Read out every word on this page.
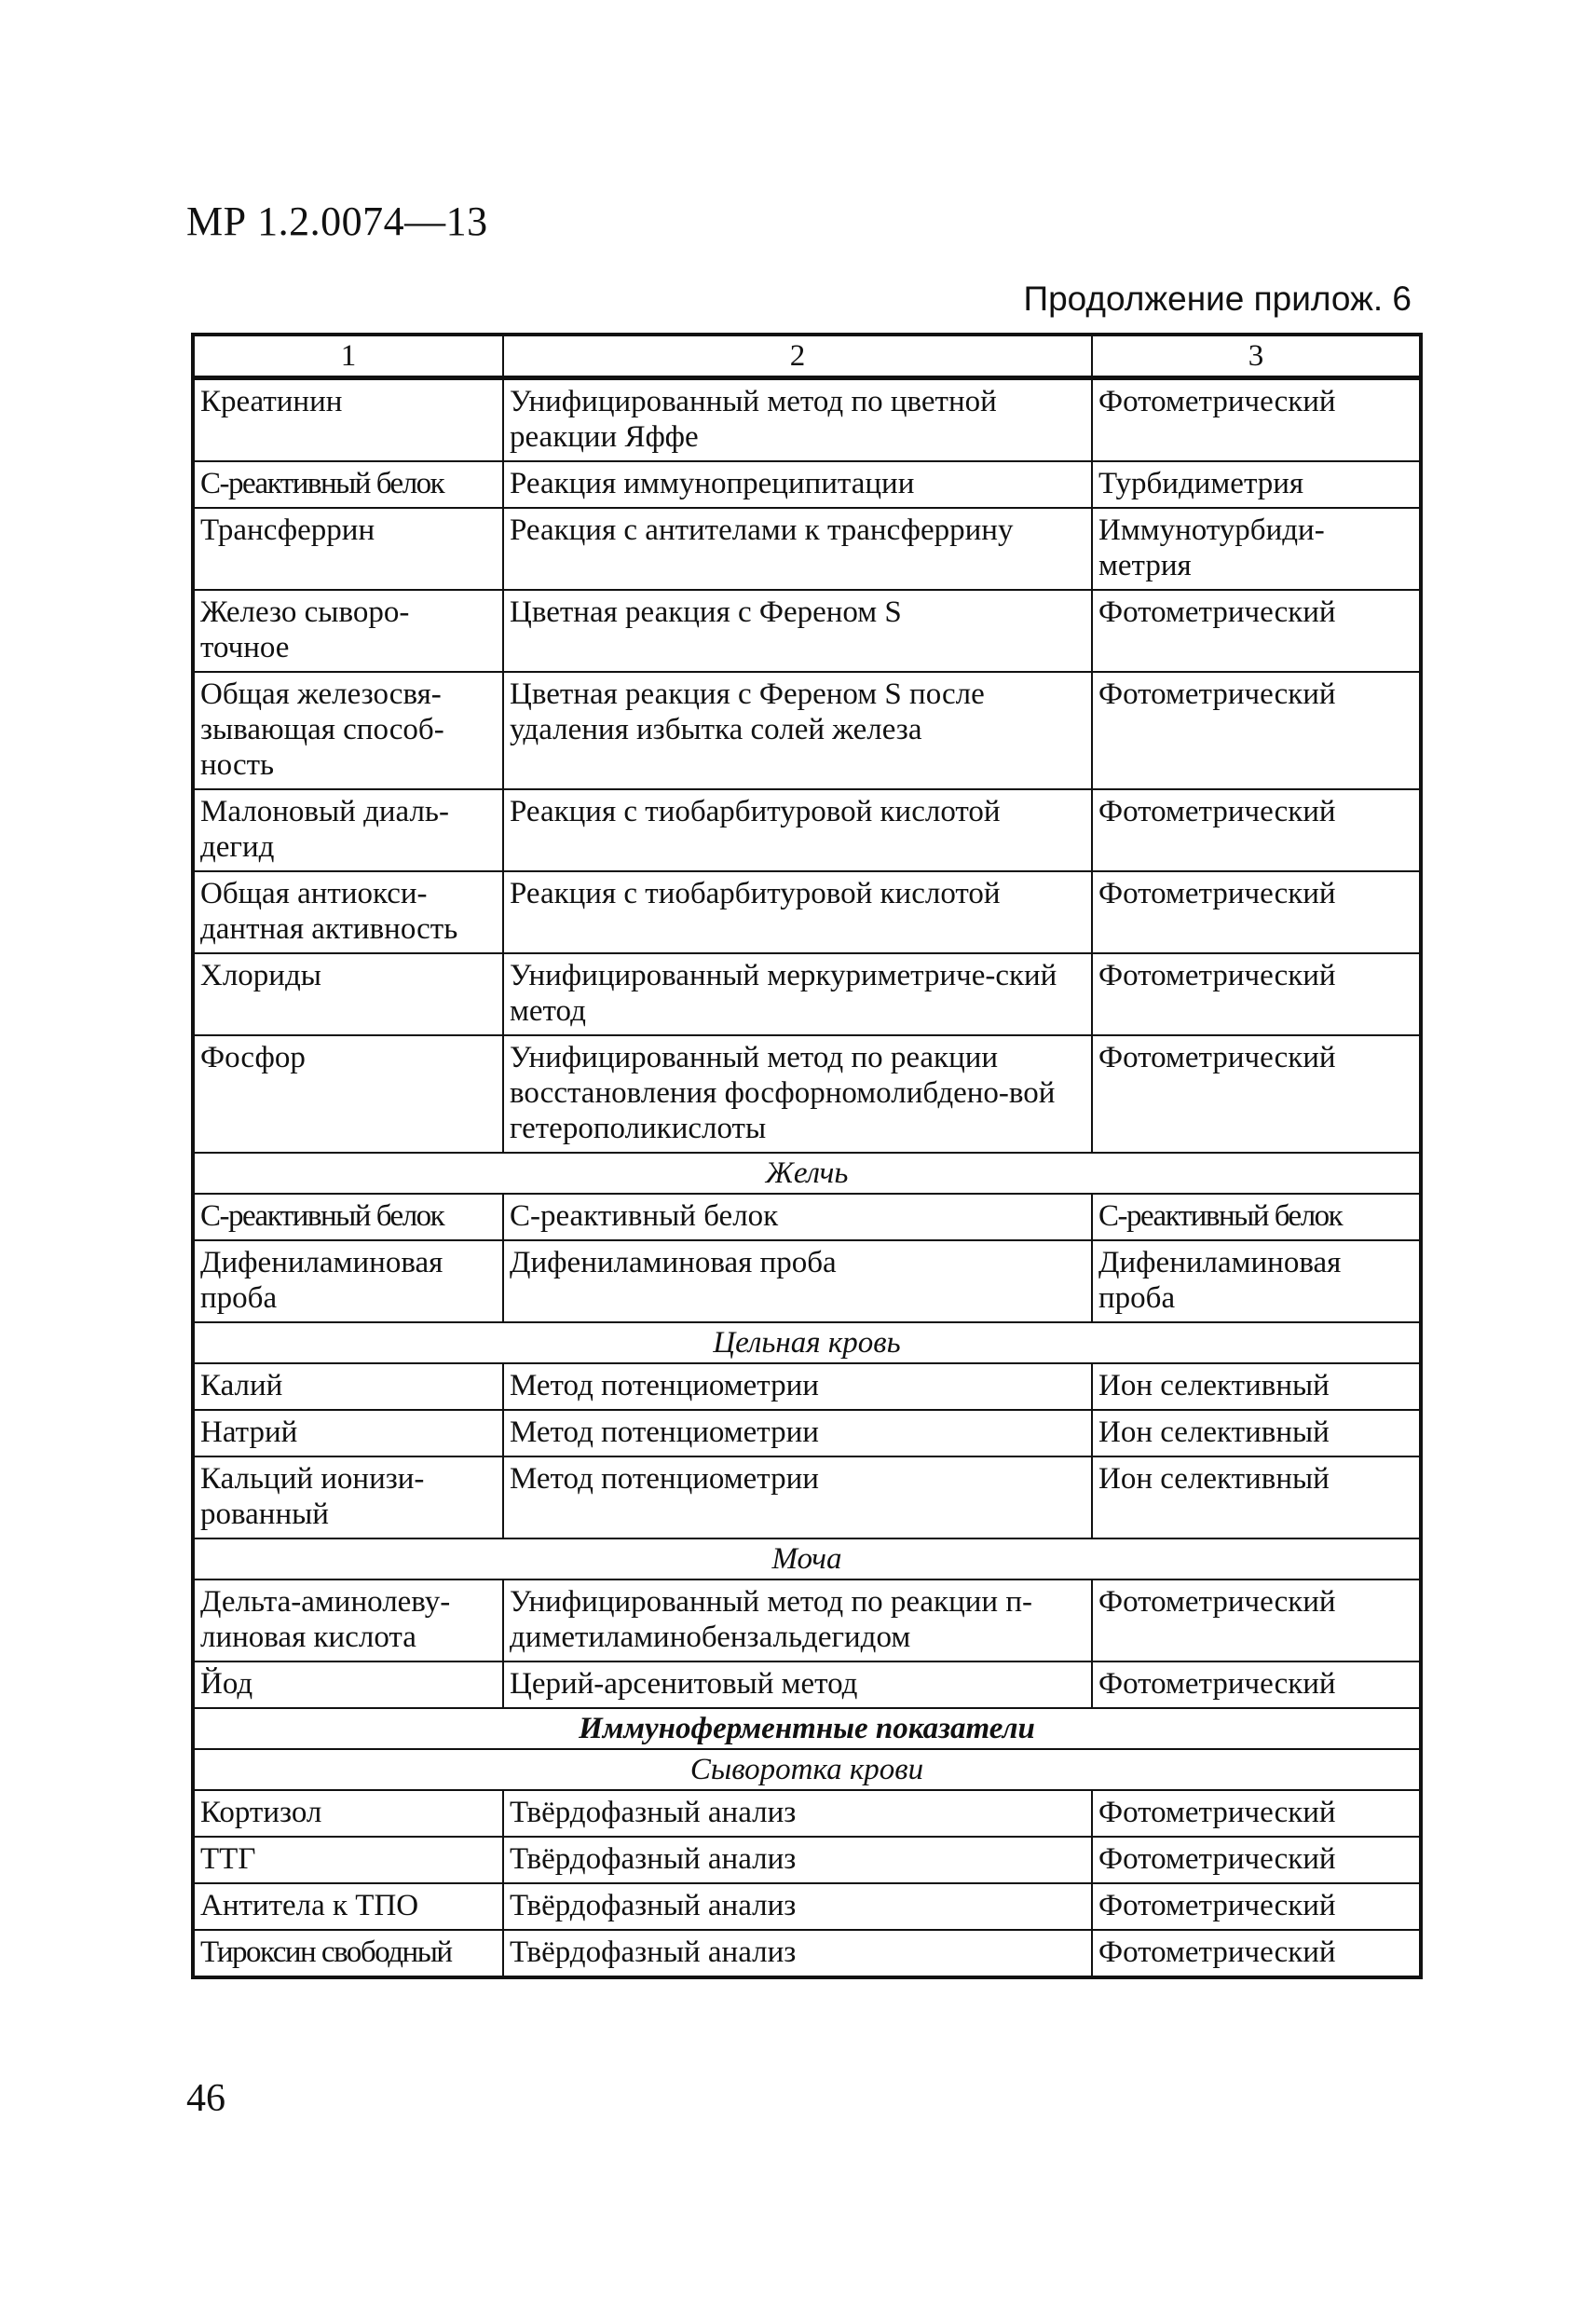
МР 1.2.0074—13
Продолжение прилож. 6
1	2	3
Креатинин	Унифицированный метод по цветной реакции Яффе	Фотометрический
С-реактивный белок	Реакция иммунопреципитации	Турбидиметрия
Трансферрин	Реакция с антителами к трансферрину	Иммунотурбиди-метрия
Железо сыворо-точное	Цветная реакция с Ференом S	Фотометрический
Общая железосвя-зывающая способ-ность	Цветная реакция с Ференом S после удаления избытка солей железа	Фотометрический
Малоновый диаль-дегид	Реакция с тиобарбитуровой кислотой	Фотометрический
Общая антиокси-дантная активность	Реакция с тиобарбитуровой кислотой	Фотометрический
Хлориды	Унифицированный меркуриметриче-ский метод	Фотометрический
Фосфор	Унифицированный метод по реакции восстановления фосфорномолибдено-вой гетерополикислоты	Фотометрический
Желчь		
С-реактивный белок	С-реактивный белок	С-реактивный белок
Дифениламиновая проба	Дифениламиновая проба	Дифениламиновая проба
Цельная кровь		
Калий	Метод потенциометрии	Ион селективный
Натрий	Метод потенциометрии	Ион селективный
Кальций ионизи-рованный	Метод потенциометрии	Ион селективный
Моча		
Дельта-аминолеву-линовая кислота	Унифицированный метод по реакции п-диметиламинобензальдегидом	Фотометрический
Йод	Церий-арсенитовый метод	Фотометрический
Иммуноферментные показатели		
Сыворотка крови		
Кортизол	Твёрдофазный анализ	Фотометрический
ТТГ	Твёрдофазный анализ	Фотометрический
Антитела к ТПО	Твёрдофазный анализ	Фотометрический
Тироксин свободный	Твёрдофазный анализ	Фотометрический
46
